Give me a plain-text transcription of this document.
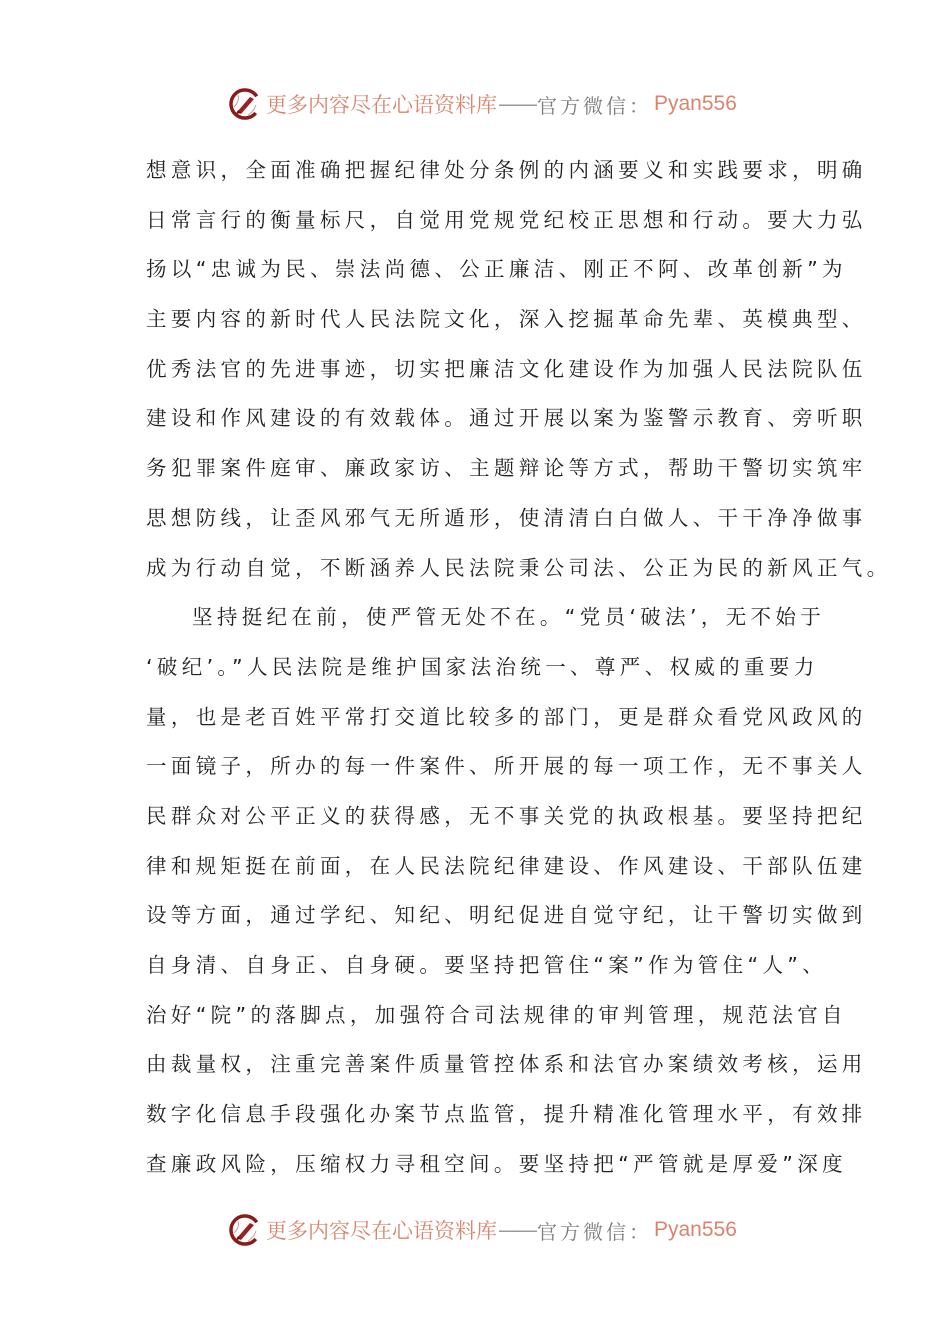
更多内容尽在心语资料库 —— 官方微信： Pyan556
想意识，全面准确把握纪律处分条例的内涵要义和实践要求，明确
日常言行的衡量标尺，自觉用党规党纪校正思想和行动。要大力弘
扬以“忠诚为民、崇法尚德、公正廉洁、刚正不阿、改革创新”为
主要内容的新时代人民法院文化，深入挖掘革命先辈、英模典型、
优秀法官的先进事迹，切实把廉洁文化建设作为加强人民法院队伍
建设和作风建设的有效载体。通过开展以案为鉴警示教育、旁听职
务犯罪案件庭审、廉政家访、主题辩论等方式，帮助干警切实筑牢
思想防线，让歪风邪气无所遁形，使清清白白做人、干干净净做事
成为行动自觉，不断涵养人民法院秉公司法、公正为民的新风正气。
坚持挺纪在前，使严管无处不在。“党员‘破法’，无不始于
‘破纪’。”人民法院是维护国家法治统一、尊严、权威的重要力
量，也是老百姓平常打交道比较多的部门，更是群众看党风政风的
一面镜子，所办的每一件案件、所开展的每一项工作，无不事关人
民群众对公平正义的获得感，无不事关党的执政根基。要坚持把纪
律和规矩挺在前面，在人民法院纪律建设、作风建设、干部队伍建
设等方面，通过学纪、知纪、明纪促进自觉守纪，让干警切实做到
自身清、自身正、自身硬。要坚持把管住“案”作为管住“人”、
治好“院”的落脚点，加强符合司法规律的审判管理，规范法官自
由裁量权，注重完善案件质量管控体系和法官办案绩效考核，运用
数字化信息手段强化办案节点监管，提升精准化管理水平，有效排
查廉政风险，压缩权力寻租空间。要坚持把“严管就是厚爱”深度
更多内容尽在心语资料库 —— 官方微信： Pyan556
